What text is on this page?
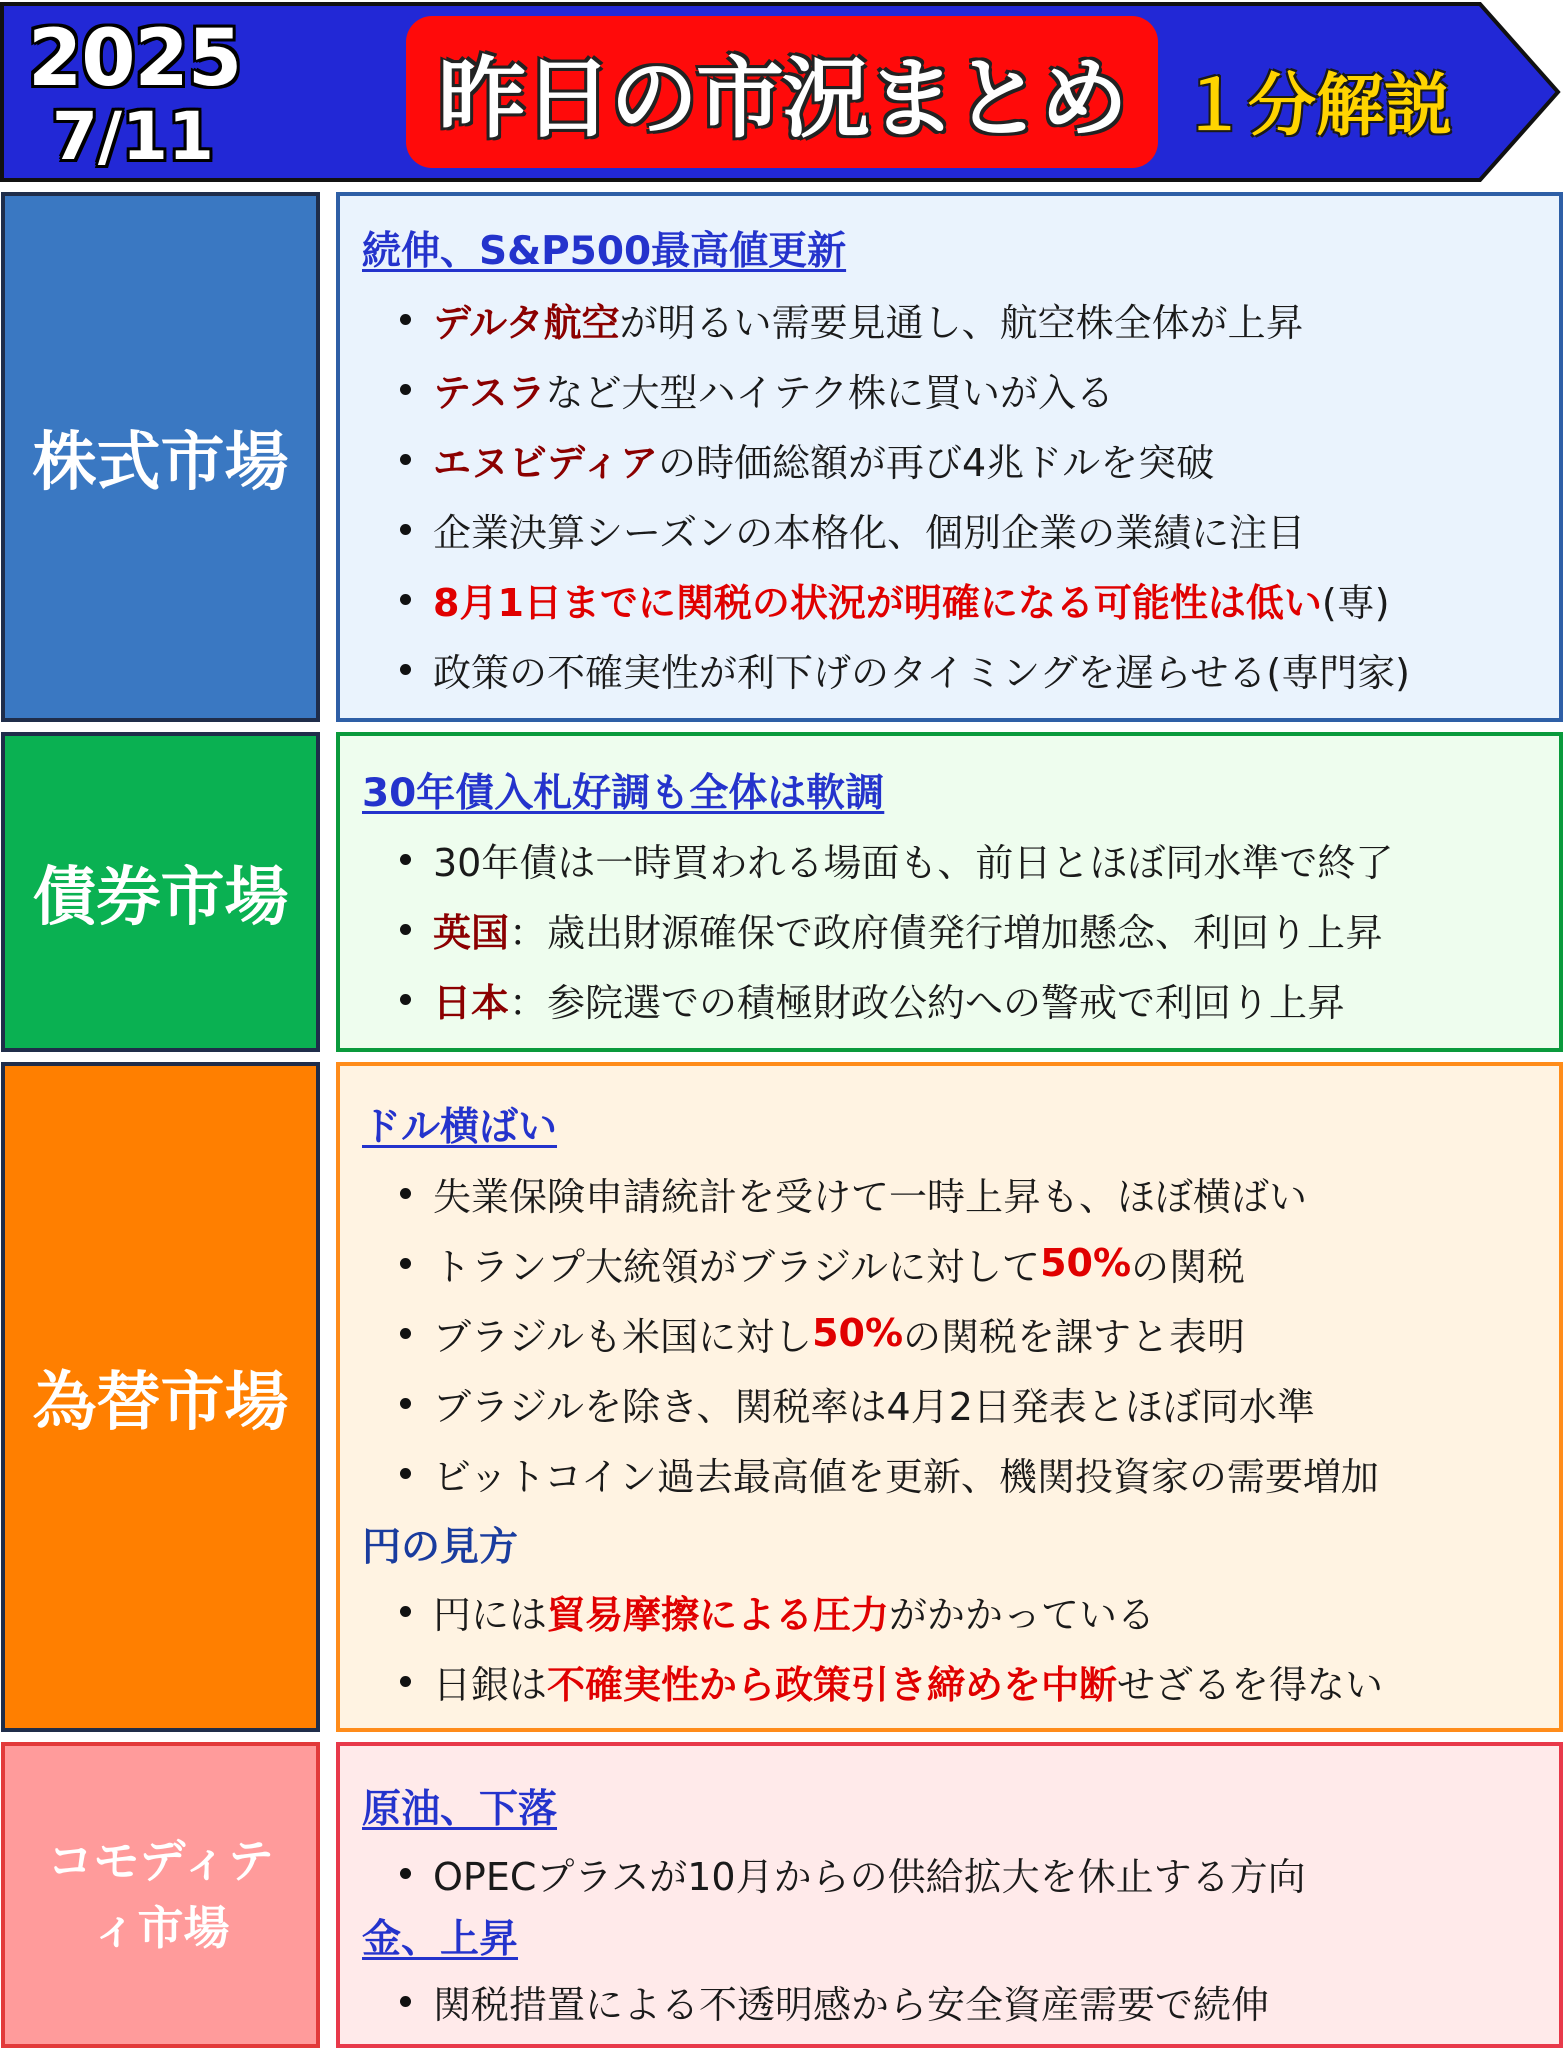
2025
7/11	昨日の市況まとめ １分解説
株式市場
続伸、S&P500最高値更新
デルタ航空 が明るい需要見通し、航空株全体が上昇
テスラ など大型ハイテク株に買いが入る
エヌビディア の時価総額が再び4兆ドルを突破
企業決算シーズンの本格化、個別企業の業績に注目
8月1日までに関税の状況が明確になる可能性は低い (専)
政策の不確実性が利下げのタイミングを遅らせる(専門家)
債券市場
30年債入札好調も全体は軟調
30年債は一時買われる場面も、前日とほぼ同水準で終了
英国 ：歳出財源確保で政府債発行増加懸念、利回り上昇
日本 ：参院選での積極財政公約への警戒で利回り上昇
為替市場
ドル横ばい
失業保険申請統計を受けて一時上昇も、ほぼ横ばい
トランプ大統領がブラジルに対して 50% の関税
ブラジルも米国に対し 50% の関税を課すと表明
ブラジルを除き、関税率は4月2日発表とほぼ同水準
ビットコイン過去最高値を更新、機関投資家の需要増加
円の見方
円には 貿易摩擦による圧力 がかかっている
日銀は 不確実性から政策引き締めを中断 せざるを得ない
コモディテ
ィ市場
原油、下落
OPECプラスが10月からの供給拡大を休止する方向
金、上昇
関税措置による不透明感から安全資産需要で続伸
